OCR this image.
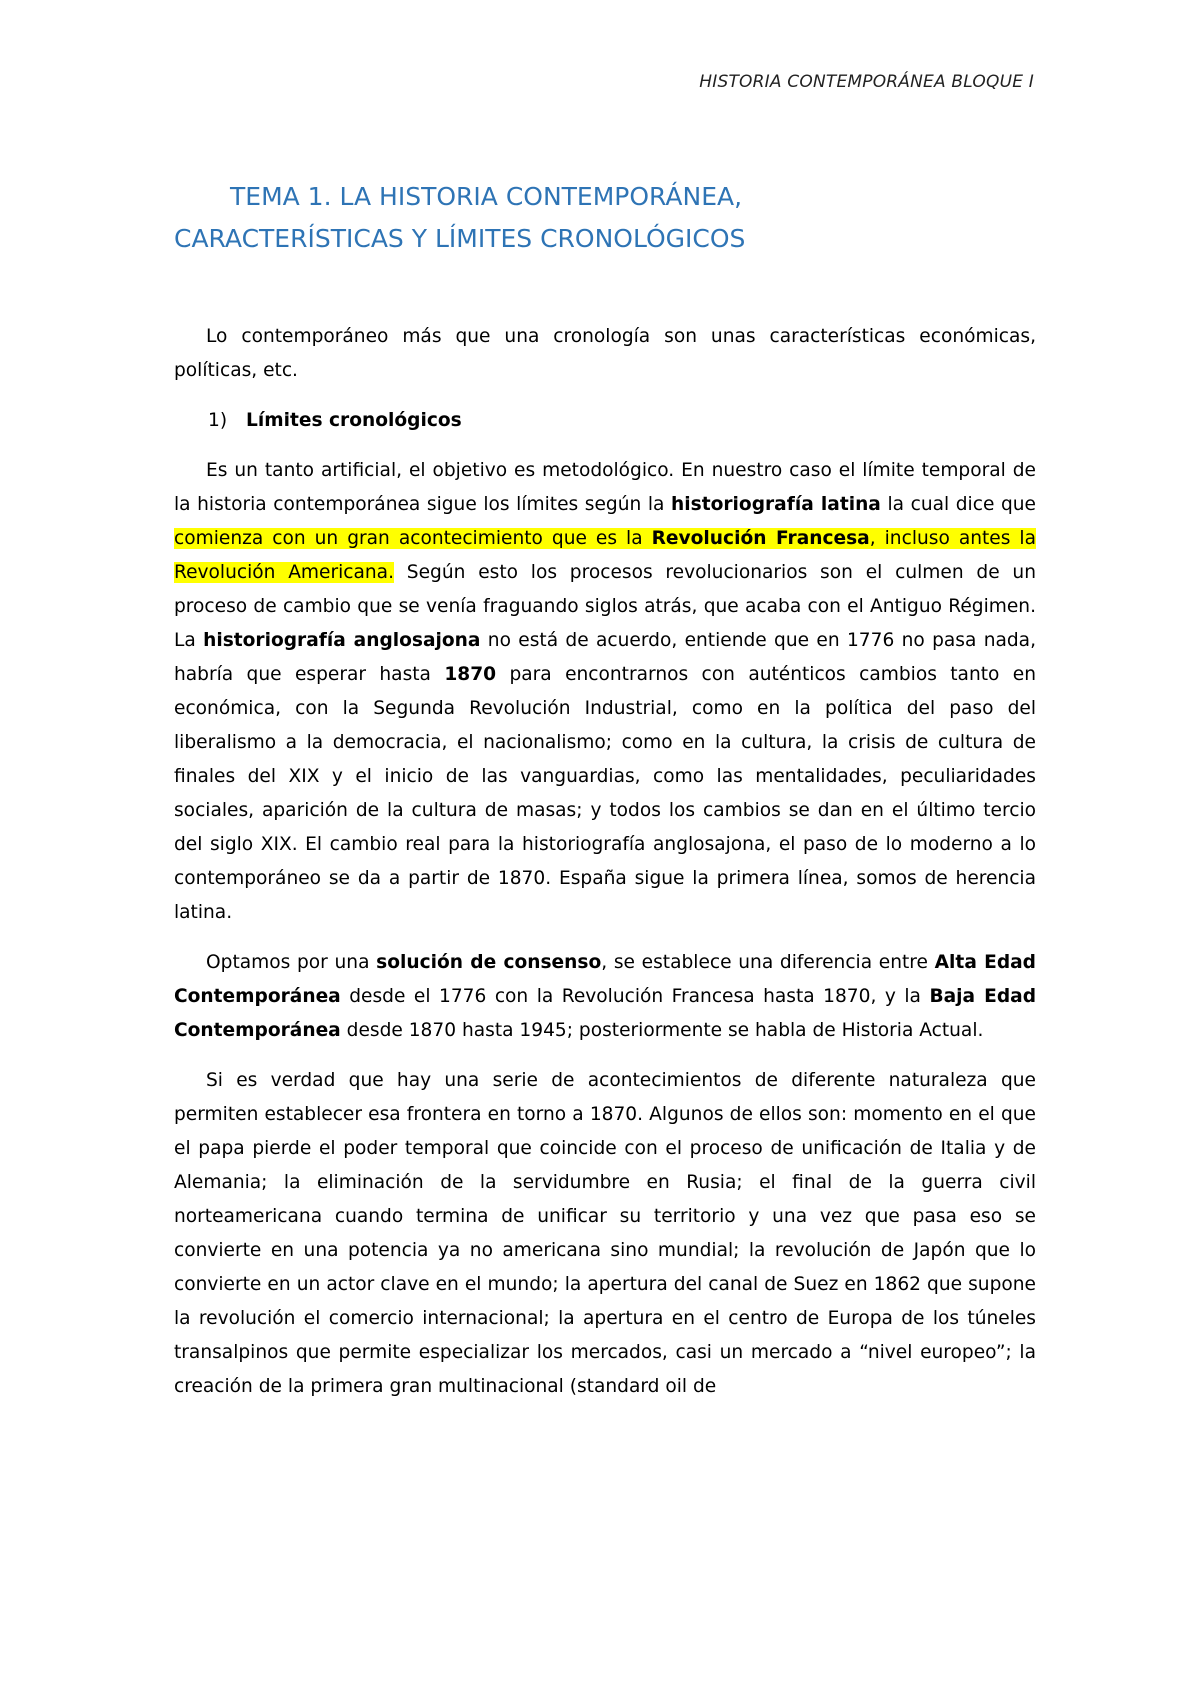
HISTORIA CONTEMPORÁNEA BLOQUE I
TEMA 1. LA HISTORIA CONTEMPORÁNEA,
CARACTERÍSTICAS Y LÍMITES CRONOLÓGICOS

Lo contemporáneo más que una cronología son unas características económicas, políticas, etc.

1) Límites cronológicos

Es un tanto artificial, el objetivo es metodológico. En nuestro caso el límite temporal de la historia contemporánea sigue los límites según la historiografía latina la cual dice que comienza con un gran acontecimiento que es la Revolución Francesa, incluso antes la Revolución Americana. Según esto los procesos revolucionarios son el culmen de un proceso de cambio que se venía fraguando siglos atrás, que acaba con el Antiguo Régimen. La historiografía anglosajona no está de acuerdo, entiende que en 1776 no pasa nada, habría que esperar hasta 1870 para encontrarnos con auténticos cambios tanto en económica, con la Segunda Revolución Industrial, como en la política del paso del liberalismo a la democracia, el nacionalismo; como en la cultura, la crisis de cultura de finales del XIX y el inicio de las vanguardias, como las mentalidades, peculiaridades sociales, aparición de la cultura de masas; y todos los cambios se dan en el último tercio del siglo XIX. El cambio real para la historiografía anglosajona, el paso de lo moderno a lo contemporáneo se da a partir de 1870. España sigue la primera línea, somos de herencia latina.

Optamos por una solución de consenso, se establece una diferencia entre Alta Edad Contemporánea desde el 1776 con la Revolución Francesa hasta 1870, y la Baja Edad Contemporánea desde 1870 hasta 1945; posteriormente se habla de Historia Actual.

Si es verdad que hay una serie de acontecimientos de diferente naturaleza que permiten establecer esa frontera en torno a 1870. Algunos de ellos son: momento en el que el papa pierde el poder temporal que coincide con el proceso de unificación de Italia y de Alemania; la eliminación de la servidumbre en Rusia; el final de la guerra civil norteamericana cuando termina de unificar su territorio y una vez que pasa eso se convierte en una potencia ya no americana sino mundial; la revolución de Japón que lo convierte en un actor clave en el mundo; la apertura del canal de Suez en 1862 que supone la revolución el comercio internacional; la apertura en el centro de Europa de los túneles transalpinos que permite especializar los mercados, casi un mercado a “nivel europeo”; la creación de la primera gran multinacional (standard oil de
